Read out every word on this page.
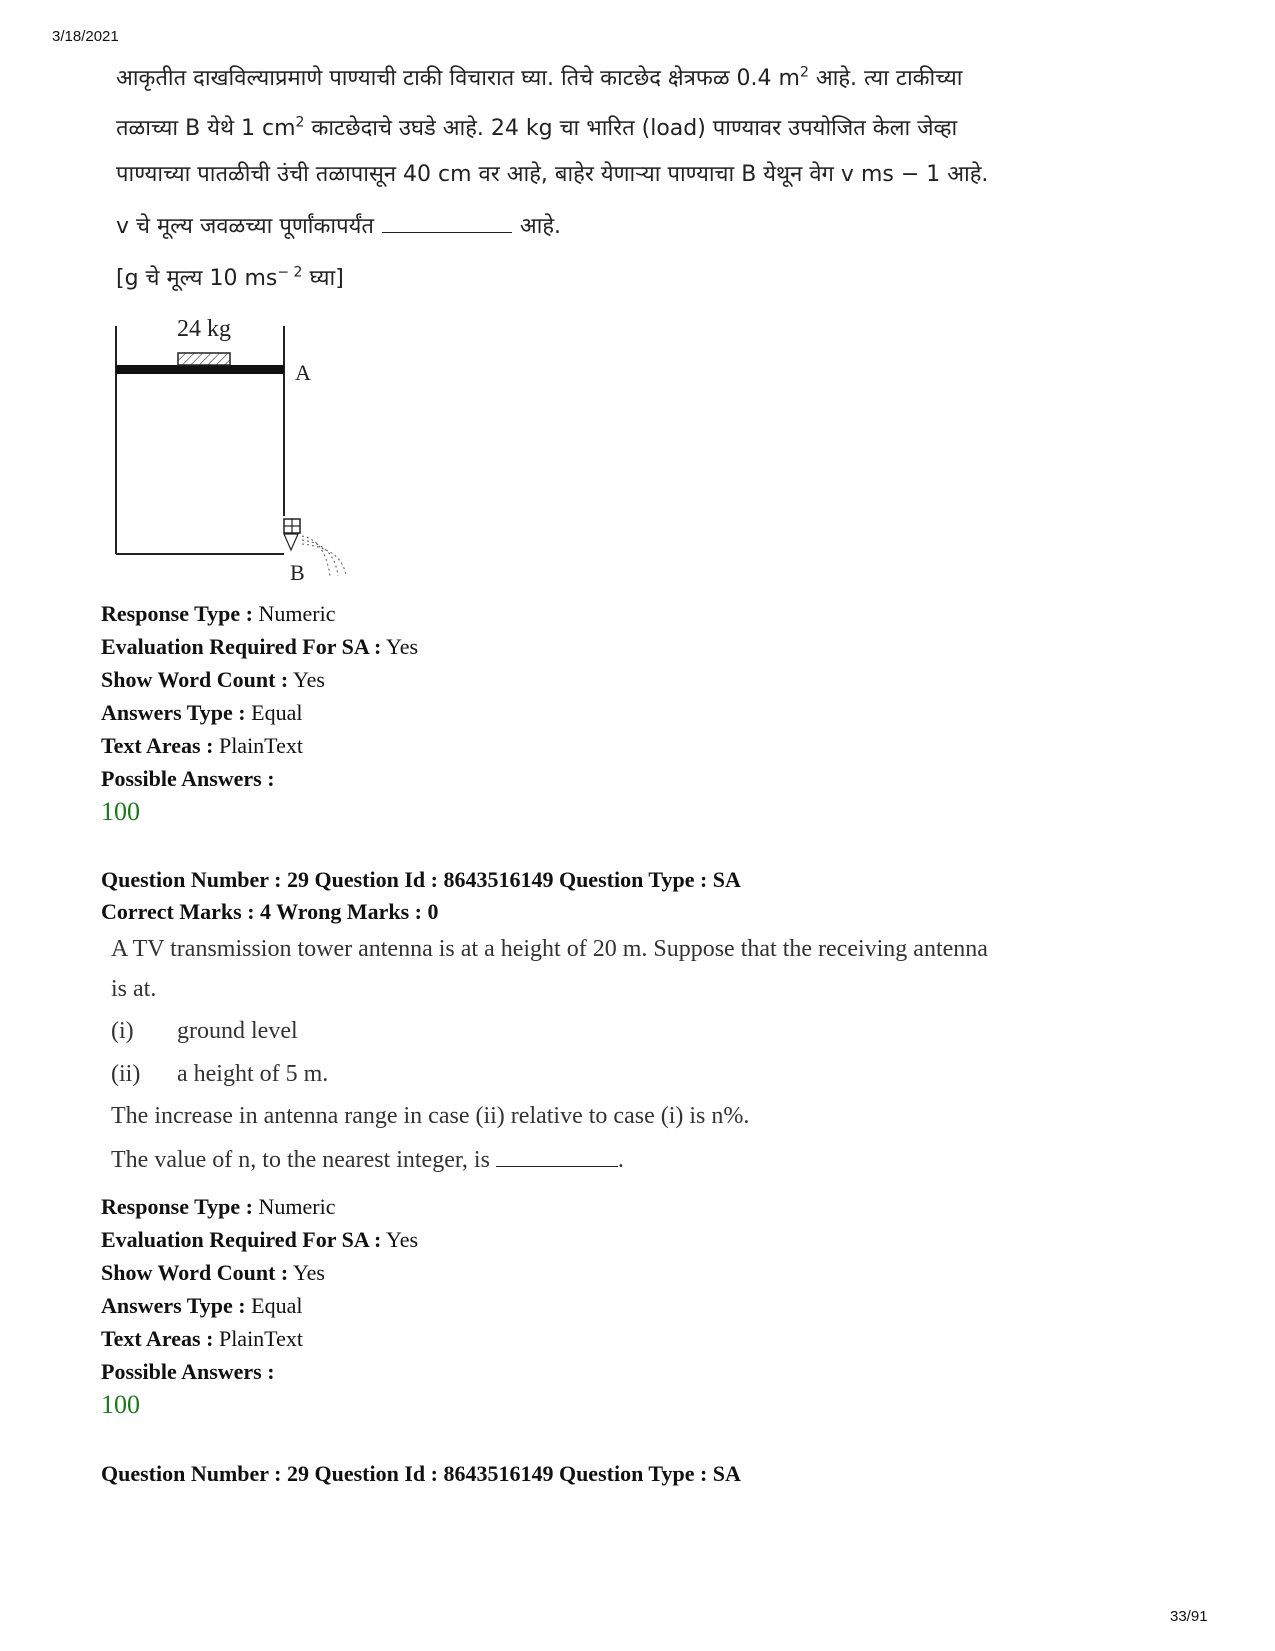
3/18/2021
आकृतीत दाखविल्याप्रमाणे पाण्याची टाकी विचारात घ्या. तिचे काटछेद क्षेत्रफळ 0.4 $m^2$ आहे. त्या टाकीच्या
तळाच्या B येथे 1 $cm^2$ काटछेदाचे उघडे आहे. 24 kg चा भारित (load) पाण्यावर उपयोजित केला जेव्हा
पाण्याच्या पातळीची उंची तळापासून 40 cm वर आहे, बाहेर येणाऱ्या पाण्याचा B येथून वेग v ms − 1 आहे.
v चे मूल्य जवळच्या पूर्णांकापर्यंत	आहे.
[g चे मूल्य 10 $ms^{- 2}$ घ्या]
24 kg
A
B
Response Type : Numeric
Evaluation Required For SA : Yes
Show Word Count : Yes
Answers Type : Equal
Text Areas : PlainText
Possible Answers :
100
Question Number : 29 Question Id : 8643516149 Question Type : SA
Correct Marks : 4 Wrong Marks : 0
A TV transmission tower antenna is at a height of 20 m. Suppose that the receiving antenna
is at.
(i) ground level
(ii) a height of 5 m.
The increase in antenna range in case (ii) relative to case (i) is n%.
The value of n, to the nearest integer, is	.
Response Type : Numeric
Evaluation Required For SA : Yes
Show Word Count : Yes
Answers Type : Equal
Text Areas : PlainText
Possible Answers :
100
Question Number : 29 Question Id : 8643516149 Question Type : SA
33/91
